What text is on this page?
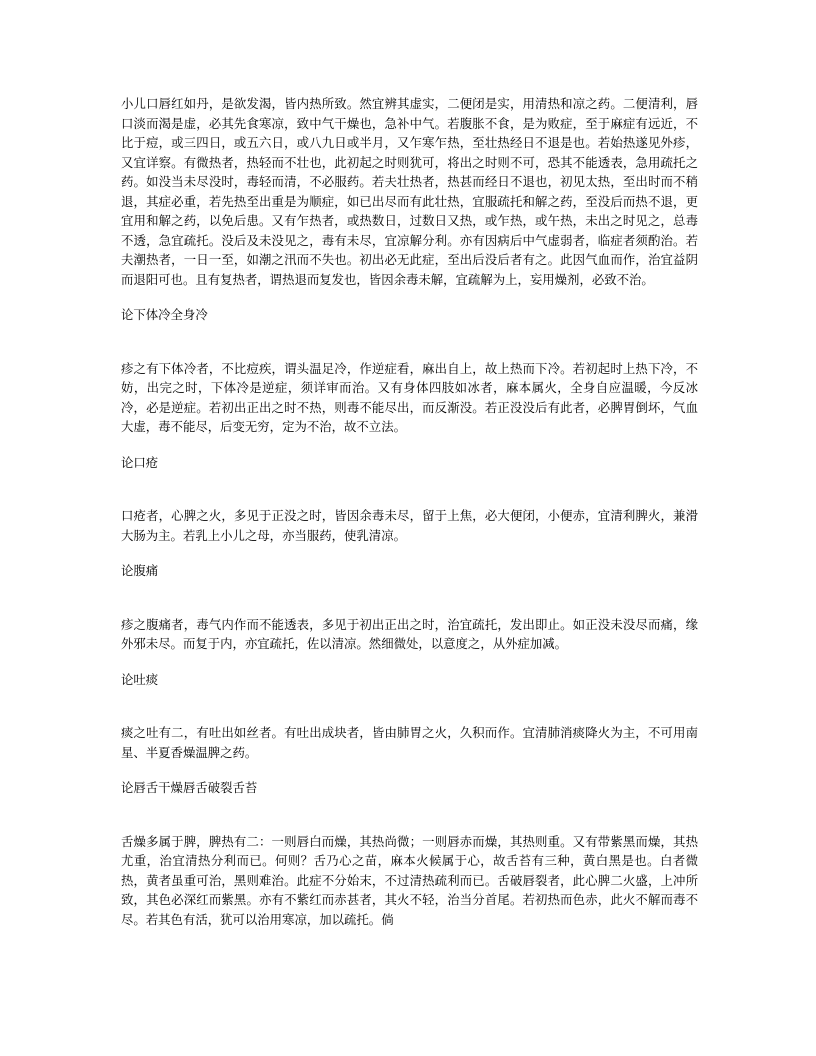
小儿口唇红如丹，是欲发渴，皆内热所致。然宜辨其虚实，二便闭是实，用清热和凉之药。二便清利，唇口淡而渴是虚，必其先食寒凉，致中气干燥也，急补中气。若腹胀不食，是为败症，至于麻症有远近，不比于痘，或三四日，或五六日，或八九日或半月，又乍寒乍热，至壮热经日不退是也。若始热遂见外疹，又宜详察。有微热者，热轻而不壮也，此初起之时则犹可，将出之时则不可，恐其不能透表，急用疏托之药。如没当未尽没时，毒轻而清，不必服药。若夫壮热者，热甚而经日不退也，初见太热，至出时而不稍退，其症必重，若先热至出重是为顺症，如已出尽而有此壮热，宜服疏托和解之药，至没后而热不退，更宜用和解之药，以免后患。又有乍热者，或热数日，过数日又热，或乍热，或午热，未出之时见之，总毒不透，急宜疏托。没后及未没见之，毒有未尽，宜凉解分利。亦有因病后中气虚弱者，临症者须酌治。若夫潮热者，一日一至，如潮之汛而不失也。初出必无此症，至出后没后者有之。此因气血而作，治宜益阴而退阳可也。且有复热者，谓热退而复发也，皆因余毒未解，宜疏解为上，妄用燥剂，必致不治。

论下体冷全身冷

疹之有下体冷者，不比痘疾，谓头温足冷，作逆症看，麻出自上，故上热而下冷。若初起时上热下冷，不妨，出完之时，下体冷是逆症，须详审而治。又有身体四肢如冰者，麻本属火，全身自应温暖，今反冰冷，必是逆症。若初出正出之时不热，则毒不能尽出，而反渐没。若正没没后有此者，必脾胃倒坏，气血大虚，毒不能尽，后变无穷，定为不治，故不立法。

论口疮

口疮者，心脾之火，多见于正没之时，皆因余毒未尽，留于上焦，必大便闭，小便赤，宜清利脾火，兼滑大肠为主。若乳上小儿之母，亦当服药，使乳清凉。

论腹痛

疹之腹痛者，毒气内作而不能透表，多见于初出正出之时，治宜疏托，发出即止。如正没未没尽而痛，缘外邪未尽。而复于内，亦宜疏托，佐以清凉。然细微处，以意度之，从外症加减。

论吐痰

痰之吐有二，有吐出如丝者。有吐出成块者，皆由肺胃之火，久积而作。宜清肺消痰降火为主，不可用南星、半夏香燥温脾之药。

论唇舌干燥唇舌破裂舌苔

舌燥多属于脾，脾热有二：一则唇白而燥，其热尚微；一则唇赤而燥，其热则重。又有带紫黑而燥，其热尤重，治宜清热分利而已。何则？舌乃心之苗，麻本火候属于心，故舌苔有三种，黄白黑是也。白者微热，黄者虽重可治，黑则难治。此症不分始末，不过清热疏利而已。舌破唇裂者，此心脾二火盛，上冲所致，其色必深红而紫黑。亦有不紫红而赤甚者，其火不轻，治当分首尾。若初热而色赤，此火不解而毒不尽。若其色有活，犹可以治用寒凉，加以疏托。倘
